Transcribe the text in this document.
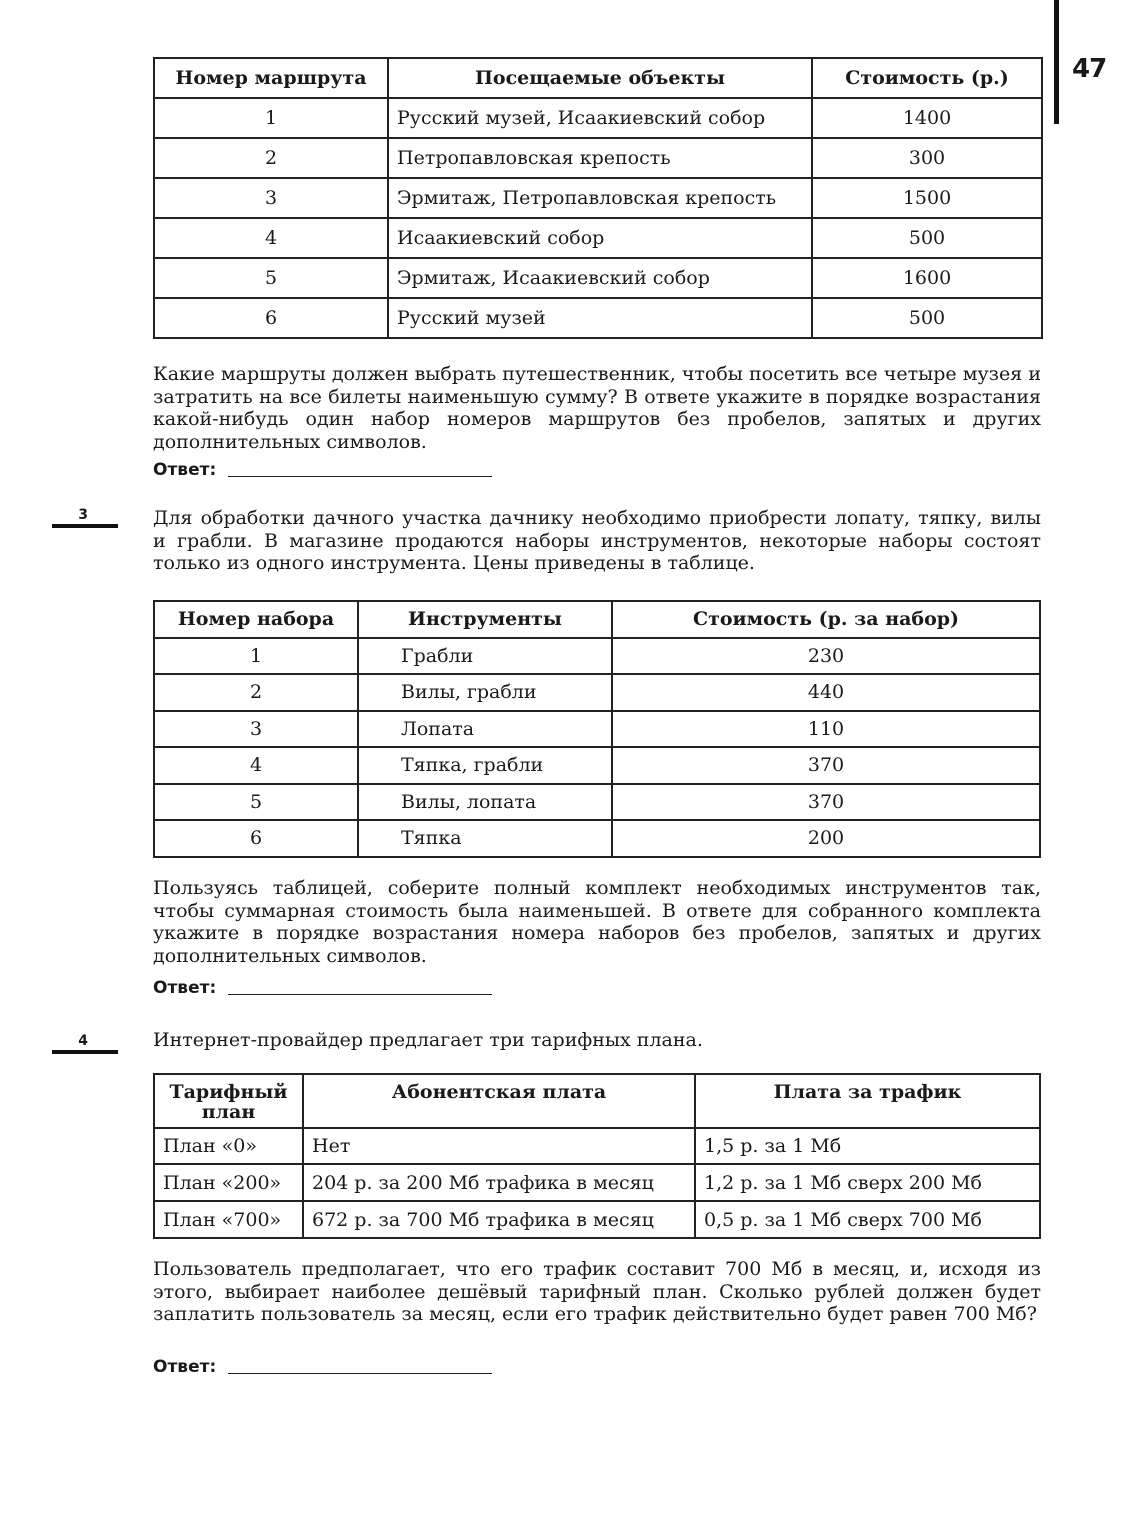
47
Номер маршрута	Посещаемые объекты	Стоимость (р.)
1	Русский музей, Исаакиевский собор	1400
2	Петропавловская крепость	300
3	Эрмитаж, Петропавловская крепость	1500
4	Исаакиевский собор	500
5	Эрмитаж, Исаакиевский собор	1600
6	Русский музей	500

Какие маршруты должен выбрать путешественник, чтобы посетить все четыре музея и затратить на все билеты наименьшую сумму? В ответе укажите в порядке возрастания какой-нибудь один набор номеров маршрутов без пробелов, запятых и других дополнительных символов.

Ответ:
3	Для обработки дачного участка дачнику необходимо приобрести лопату, тяпку, вилы и грабли. В магазине продаются наборы инструментов, некоторые наборы состоят только из одного инструмента. Цены приведены в таблице.

Номер набора	Инструменты	Стоимость (р. за набор)
1	Грабли	230
2	Вилы, грабли	440
3	Лопата	110
4	Тяпка, грабли	370
5	Вилы, лопата	370
6	Тяпка	200

Пользуясь таблицей, соберите полный комплект необходимых инструментов так, чтобы суммарная стоимость была наименьшей. В ответе для собранного комплекта укажите в порядке возрастания номера наборов без пробелов, запятых и других дополнительных символов.

Ответ:
4	Интернет-провайдер предлагает три тарифных плана.

Тарифный план	Абонентская плата	Плата за трафик
План «0»	Нет	1,5 р. за 1 Мб
План «200»	204 р. за 200 Мб трафика в месяц	1,2 р. за 1 Мб сверх 200 Мб
План «700»	672 р. за 700 Мб трафика в месяц	0,5 р. за 1 Мб сверх 700 Мб

Пользователь предполагает, что его трафик составит 700 Мб в месяц, и, исходя из этого, выбирает наиболее дешёвый тарифный план. Сколько рублей должен будет заплатить пользователь за месяц, если его трафик действительно будет равен 700 Мб?

Ответ:
